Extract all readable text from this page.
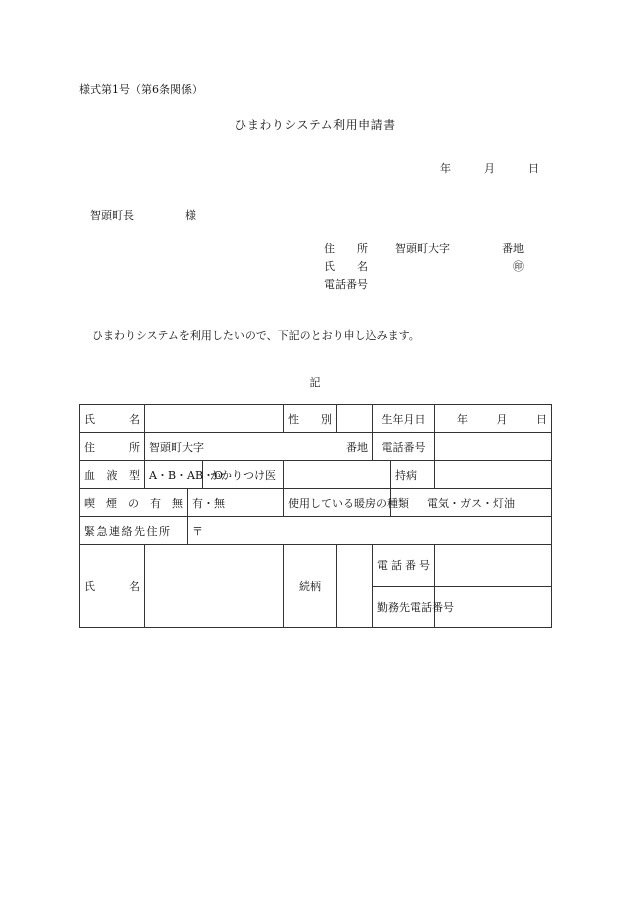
様式第1号（第6条関係）
ひまわりシステム利用申請書
年	月	日
智頭町長	様
住　　所	智頭町大字	番地
氏　　名	㊞
電話番号
ひまわりシステムを利用したいので、下記のとおり申し込みます。
記
氏 名				性 別		生年月日		年 月 日

住 所	智頭町大字 番地					電話番号		

血 液 型	A・B・AB・O		かかりつけ医				持病	

喫 煙 の 有 無		有・無		使用している暖房の種類			電気・ガス・灯油	
緊急連絡先住所		〒						

氏 名				続柄		電 話 番 号		

						勤務先電話番号		
